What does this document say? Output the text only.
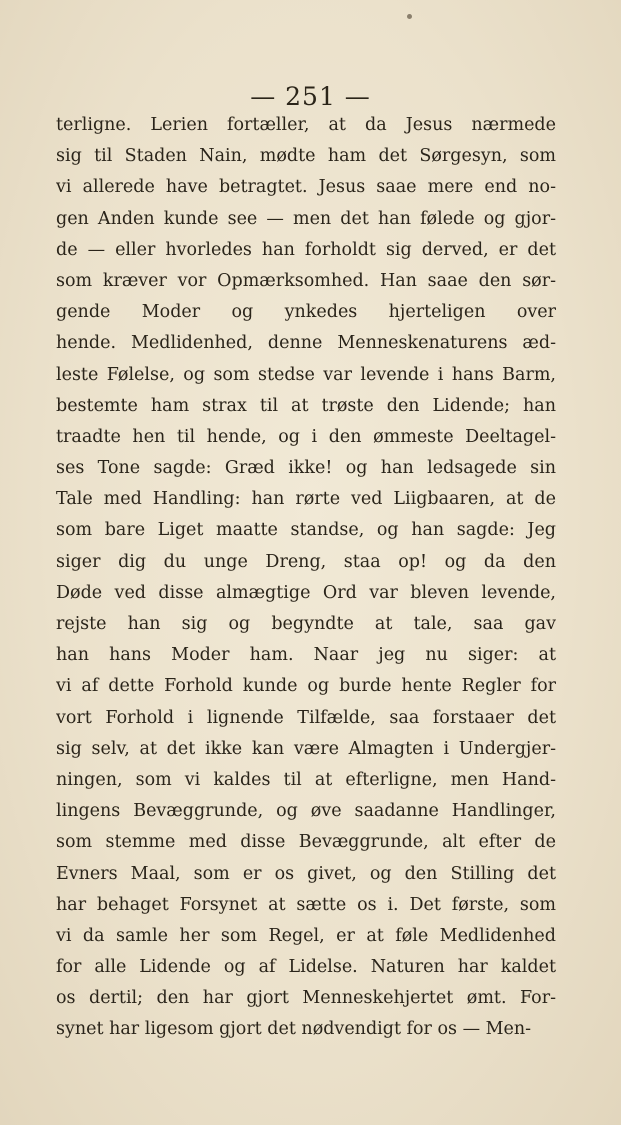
— 251 —
terligne. Lerien fortæller, at da Jesus nærmede
sig til Staden Nain, mødte ham det Sørgesyn, som
vi allerede have betragtet. Jesus saae mere end no-
gen Anden kunde see — men det han følede og gjor-
de — eller hvorledes han forholdt sig derved, er det
som kræver vor Opmærksomhed. Han saae den sør-
gende Moder og ynkedes hjerteligen over
hende. Medlidenhed, denne Menneskenaturens æd-
leste Følelse, og som stedse var levende i hans Barm,
bestemte ham strax til at trøste den Lidende; han
traadte hen til hende, og i den ømmeste Deeltagel-
ses Tone sagde: Græd ikke! og han ledsagede sin
Tale med Handling: han rørte ved Liigbaaren, at de
som bare Liget maatte standse, og han sagde: Jeg
siger dig du unge Dreng, staa op! og da den
Døde ved disse almægtige Ord var bleven levende,
rejste han sig og begyndte at tale, saa gav
han hans Moder ham. Naar jeg nu siger: at
vi af dette Forhold kunde og burde hente Regler for
vort Forhold i lignende Tilfælde, saa forstaaer det
sig selv, at det ikke kan være Almagten i Undergjer-
ningen, som vi kaldes til at efterligne, men Hand-
lingens Bevæggrunde, og øve saadanne Handlinger,
som stemme med disse Bevæggrunde, alt efter de
Evners Maal, som er os givet, og den Stilling det
har behaget Forsynet at sætte os i. Det første, som
vi da samle her som Regel, er at føle Medlidenhed
for alle Lidende og af Lidelse. Naturen har kaldet
os dertil; den har gjort Menneskehjertet ømt. For-
synet har ligesom gjort det nødvendigt for os — Men-
